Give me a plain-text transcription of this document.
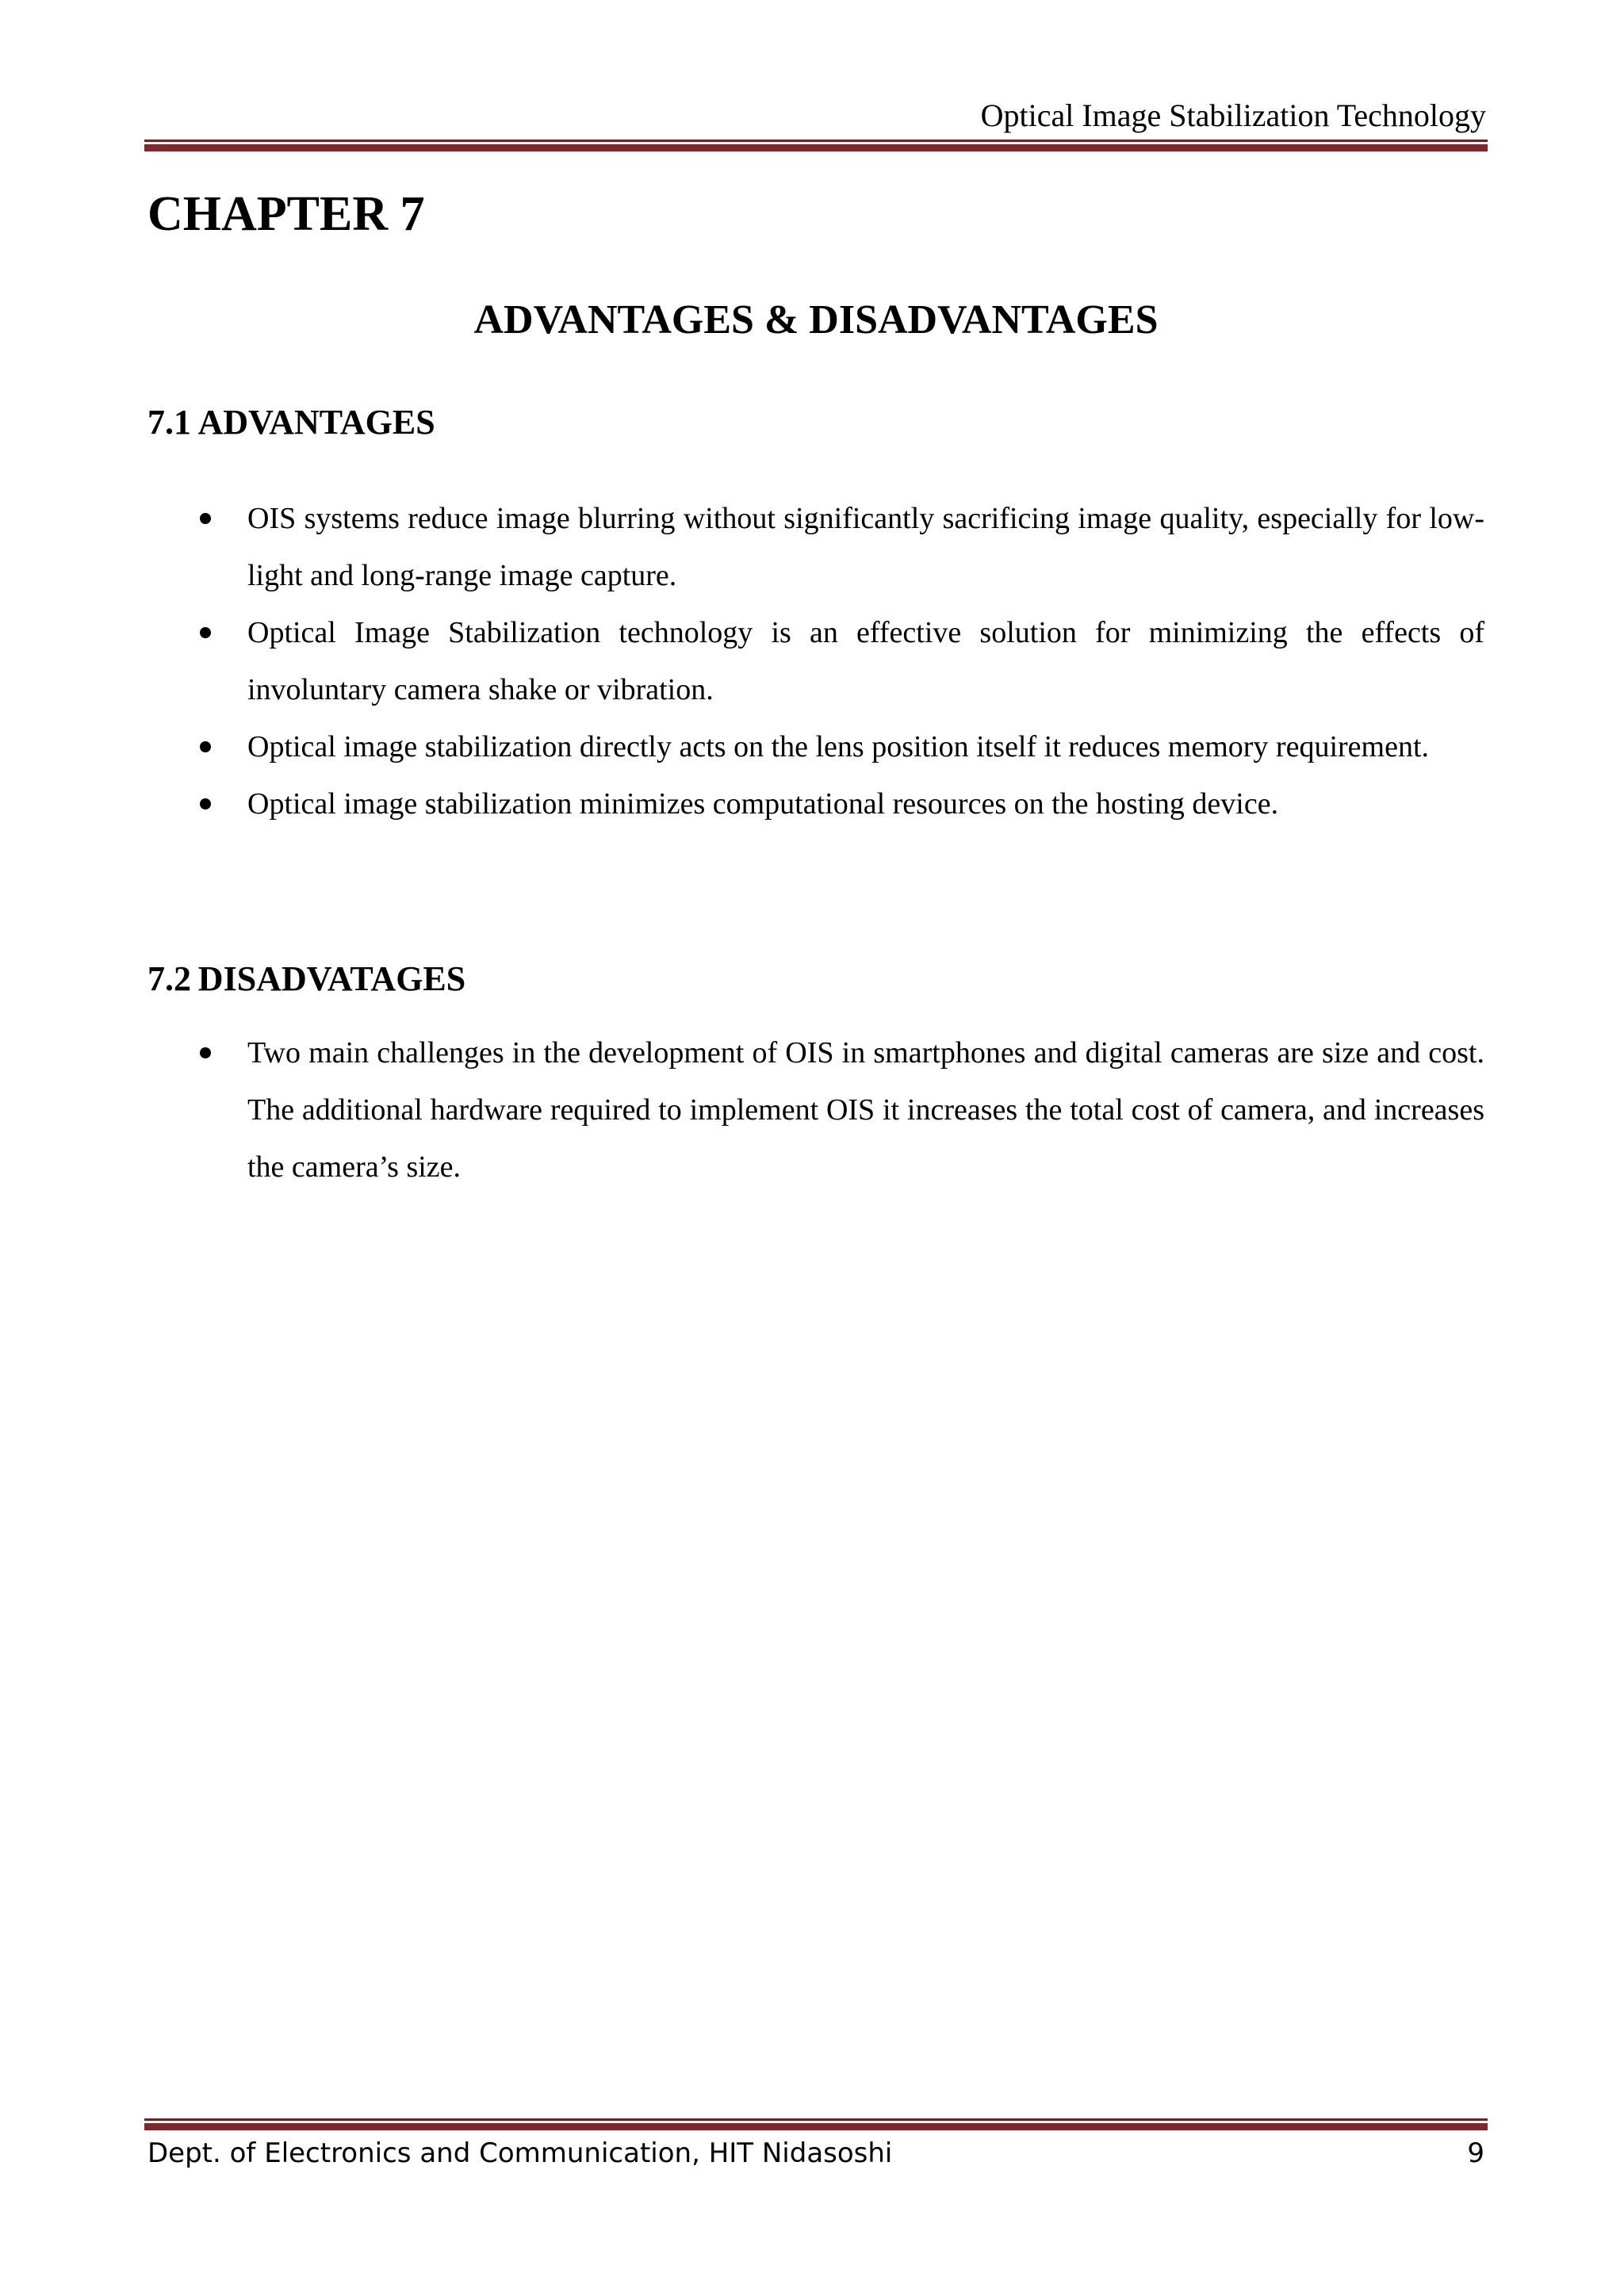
Optical Image Stabilization Technology
CHAPTER 7
ADVANTAGES & DISADVANTAGES
7.1 ADVANTAGES
OIS systems reduce image blurring without significantly sacrificing image quality, especially for low-light and long-range image capture.
Optical Image Stabilization technology is an effective solution for minimizing the effects of involuntary camera shake or vibration.
Optical image stabilization directly acts on the lens position itself it reduces memory requirement.
Optical image stabilization minimizes computational resources on the hosting device.
7.2 DISADVATAGES
Two main challenges in the development of OIS in smartphones and digital cameras are size and cost. The additional hardware required to implement OIS it increases the total cost of camera, and increases the camera’s size.
Dept. of Electronics and Communication, HIT Nidasoshi	9
